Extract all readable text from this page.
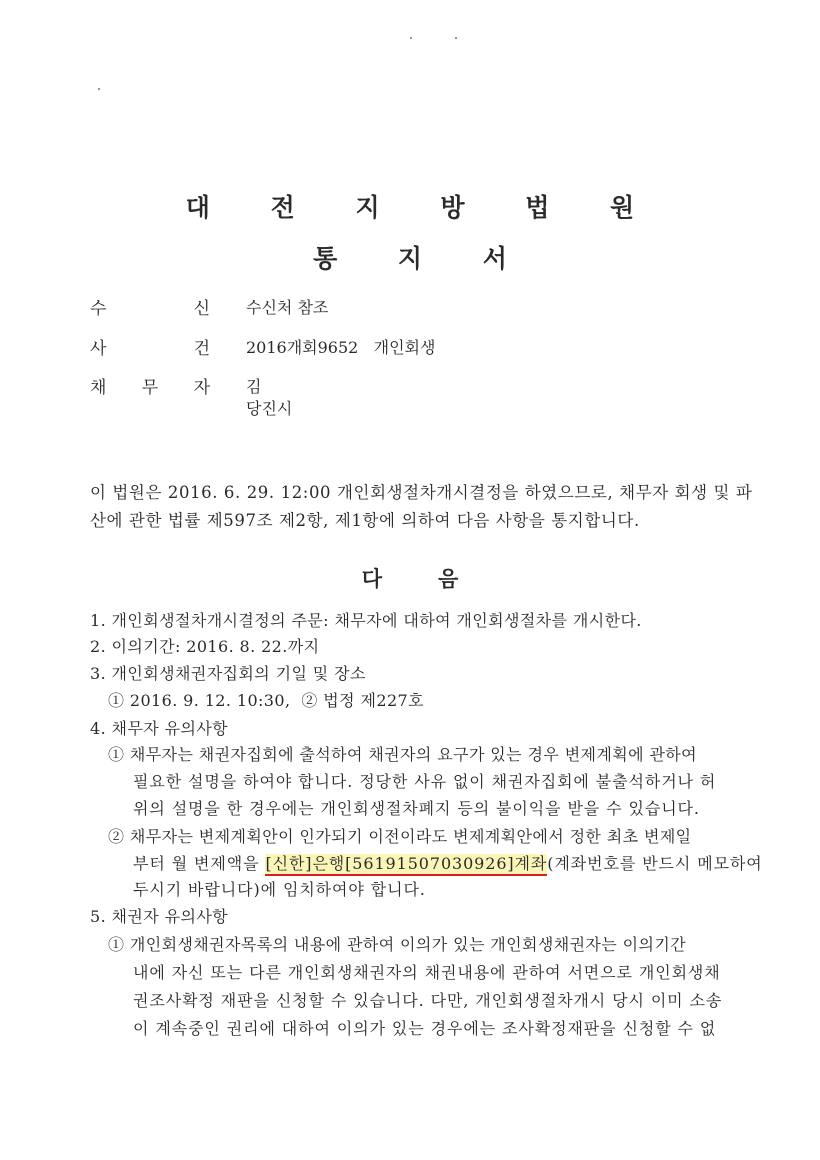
대 전 지 방 법 원
통 지 서
수	신 수신처 참조
사	건 2016개회9652   개인회생
채 무 자 김
당진시
이 법원은 2016. 6. 29. 12:00 개인회생절차개시결정을 하였으므로, 채무자 회생 및 파
산에 관한 법률 제597조 제2항, 제1항에 의하여 다음 사항을 통지합니다.
다	음
1. 개인회생절차개시결정의 주문: 채무자에 대하여 개인회생절차를 개시한다.
2. 이의기간: 2016. 8. 22.까지
3. 개인회생채권자집회의 기일 및 장소
① 2016. 9. 12. 10:30,  ② 법정 제227호
4. 채무자 유의사항
① 채무자는 채권자집회에 출석하여 채권자의 요구가 있는 경우 변제계획에 관하여
필요한 설명을 하여야 합니다. 정당한 사유 없이 채권자집회에 불출석하거나 허
위의 설명을 한 경우에는 개인회생절차폐지 등의 불이익을 받을 수 있습니다.
② 채무자는 변제계획안이 인가되기 이전이라도 변제계획안에서 정한 최초 변제일
부터 월 변제액을 [신한]은행[56191507030926]계좌(계좌번호를 반드시 메모하여
두시기 바랍니다)에 임치하여야 합니다.
5. 채권자 유의사항
① 개인회생채권자목록의 내용에 관하여 이의가 있는 개인회생채권자는 이의기간
내에 자신 또는 다른 개인회생채권자의 채권내용에 관하여 서면으로 개인회생채
권조사확정 재판을 신청할 수 있습니다. 다만, 개인회생절차개시 당시 이미 소송
이 계속중인 권리에 대하여 이의가 있는 경우에는 조사확정재판을 신청할 수 없
